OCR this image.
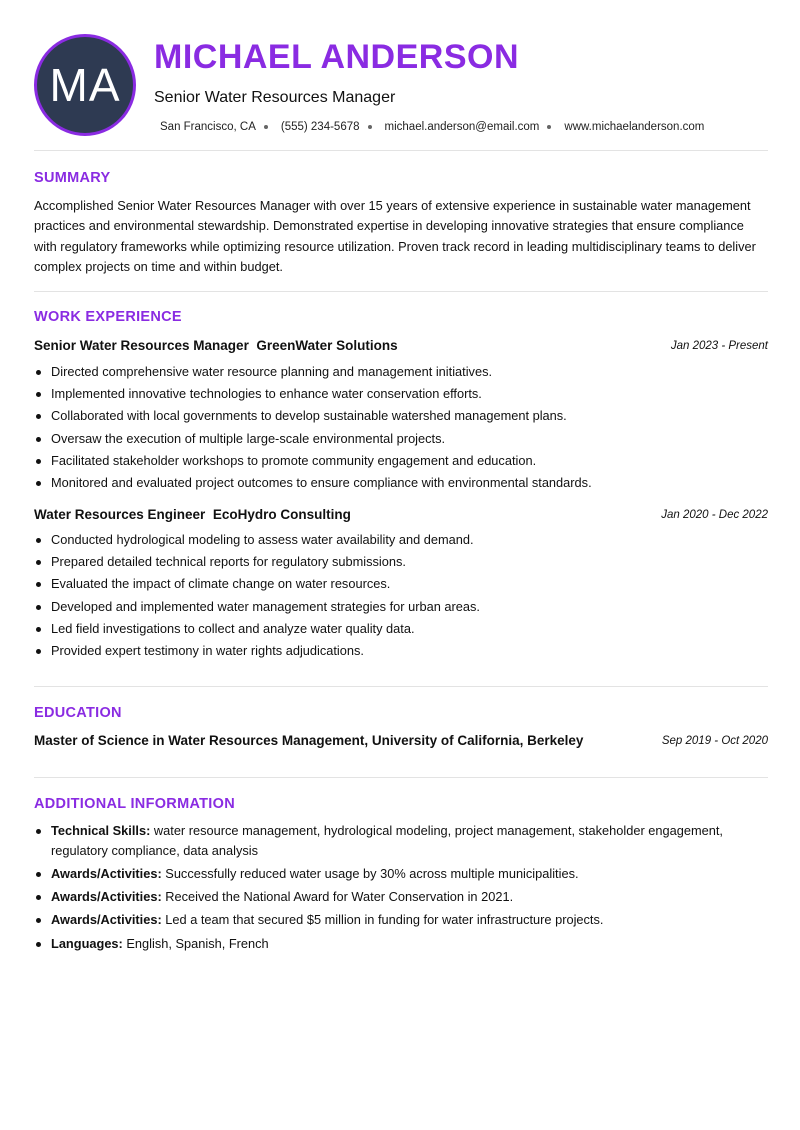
MA
MICHAEL ANDERSON
Senior Water Resources Manager
San Francisco, CA (555) 234-5678 michael.anderson@email.com www.michaelanderson.com
SUMMARY

Accomplished Senior Water Resources Manager with over 15 years of extensive experience in sustainable water management practices and environmental stewardship. Demonstrated expertise in developing innovative strategies that ensure compliance with regulatory frameworks while optimizing resource utilization. Proven track record in leading multidisciplinary teams to deliver complex projects on time and within budget.

WORK EXPERIENCE
Senior Water Resources Manager GreenWater Solutions	Jan 2023 - Present
Directed comprehensive water resource planning and management initiatives.
Implemented innovative technologies to enhance water conservation efforts.
Collaborated with local governments to develop sustainable watershed management plans.
Oversaw the execution of multiple large-scale environmental projects.
Facilitated stakeholder workshops to promote community engagement and education.
Monitored and evaluated project outcomes to ensure compliance with environmental standards.
Water Resources Engineer EcoHydro Consulting	Jan 2020 - Dec 2022
Conducted hydrological modeling to assess water availability and demand.
Prepared detailed technical reports for regulatory submissions.
Evaluated the impact of climate change on water resources.
Developed and implemented water management strategies for urban areas.
Led field investigations to collect and analyze water quality data.
Provided expert testimony in water rights adjudications.
EDUCATION
Master of Science in Water Resources Management, University of California, Berkeley	Sep 2019 - Oct 2020
ADDITIONAL INFORMATION
Technical Skills: water resource management, hydrological modeling, project management, stakeholder engagement, regulatory compliance, data analysis
Awards/Activities: Successfully reduced water usage by 30% across multiple municipalities.
Awards/Activities: Received the National Award for Water Conservation in 2021.
Awards/Activities: Led a team that secured $5 million in funding for water infrastructure projects.
Languages: English, Spanish, French
